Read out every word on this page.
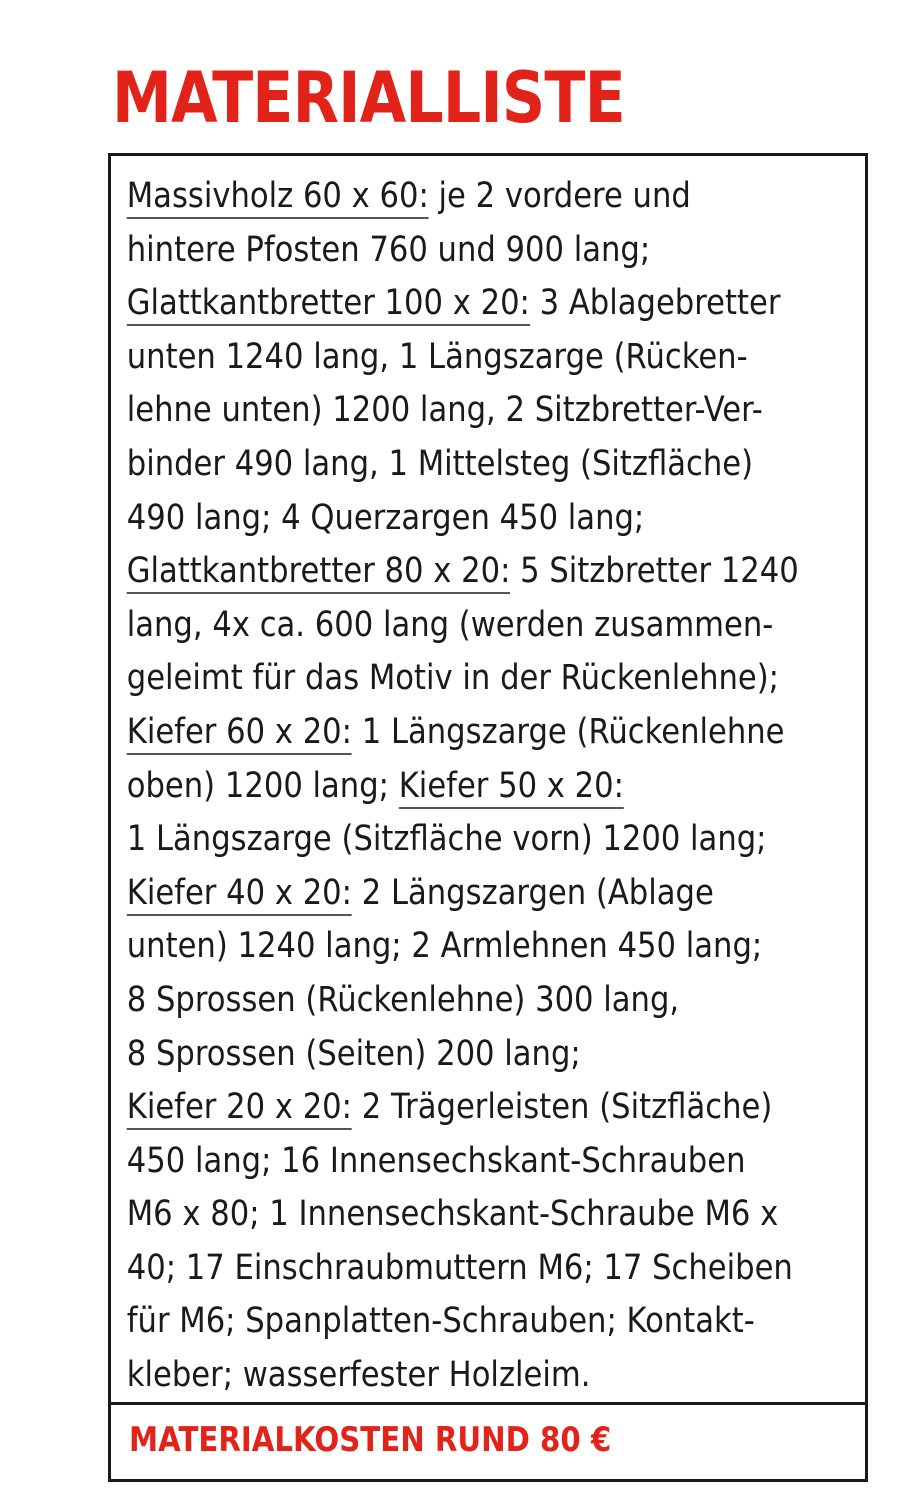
MATERIALLISTE

Massivholz 60 x 60: je 2 vordere und
hintere Pfosten 760 und 900 lang;
Glattkantbretter 100 x 20: 3 Ablagebretter
unten 1240 lang, 1 Längszarge (Rücken-
lehne unten) 1200 lang, 2 Sitzbretter-Ver-
binder 490 lang, 1 Mittelsteg (Sitzfläche)
490 lang; 4 Querzargen 450 lang;
Glattkantbretter 80 x 20: 5 Sitzbretter 1240
lang, 4x ca. 600 lang (werden zusammen-
geleimt für das Motiv in der Rückenlehne);
Kiefer 60 x 20: 1 Längszarge (Rückenlehne
oben) 1200 lang; Kiefer 50 x 20:
1 Längszarge (Sitzfläche vorn) 1200 lang;
Kiefer 40 x 20: 2 Längszargen (Ablage
unten) 1240 lang; 2 Armlehnen 450 lang;
8 Sprossen (Rückenlehne) 300 lang,
8 Sprossen (Seiten) 200 lang;
Kiefer 20 x 20: 2 Trägerleisten (Sitzfläche)
450 lang; 16 Innensechskant-Schrauben
M6 x 80; 1 Innensechskant-Schraube M6 x
40; 17 Einschraubmuttern M6; 17 Scheiben
für M6; Spanplatten-Schrauben; Kontakt-
kleber; wasserfester Holzleim.

MATERIALKOSTEN RUND 80 €
